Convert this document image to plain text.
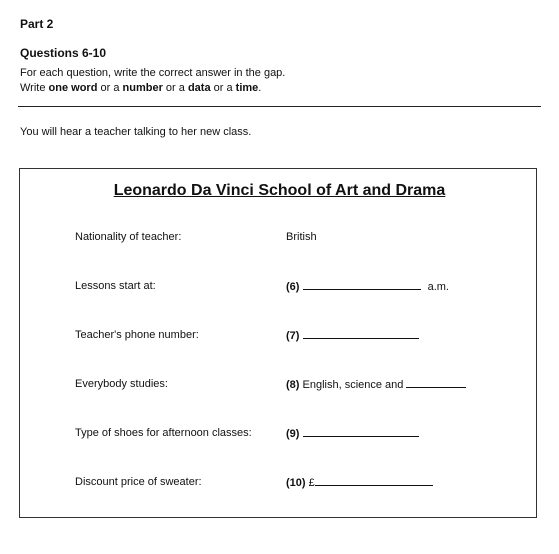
Part 2
Questions 6-10
For each question, write the correct answer in the gap.
Write one word or a number or a data or a time.
You will hear a teacher talking to her new class.
Leonardo Da Vinci School of Art and Drama
Nationality of teacher:	British
Lessons start at:	(6)	a.m.
Teacher's phone number:	(7)
Everybody studies:	(8) English, science and
Type of shoes for afternoon classes:	(9)
Discount price of sweater:	(10) £
